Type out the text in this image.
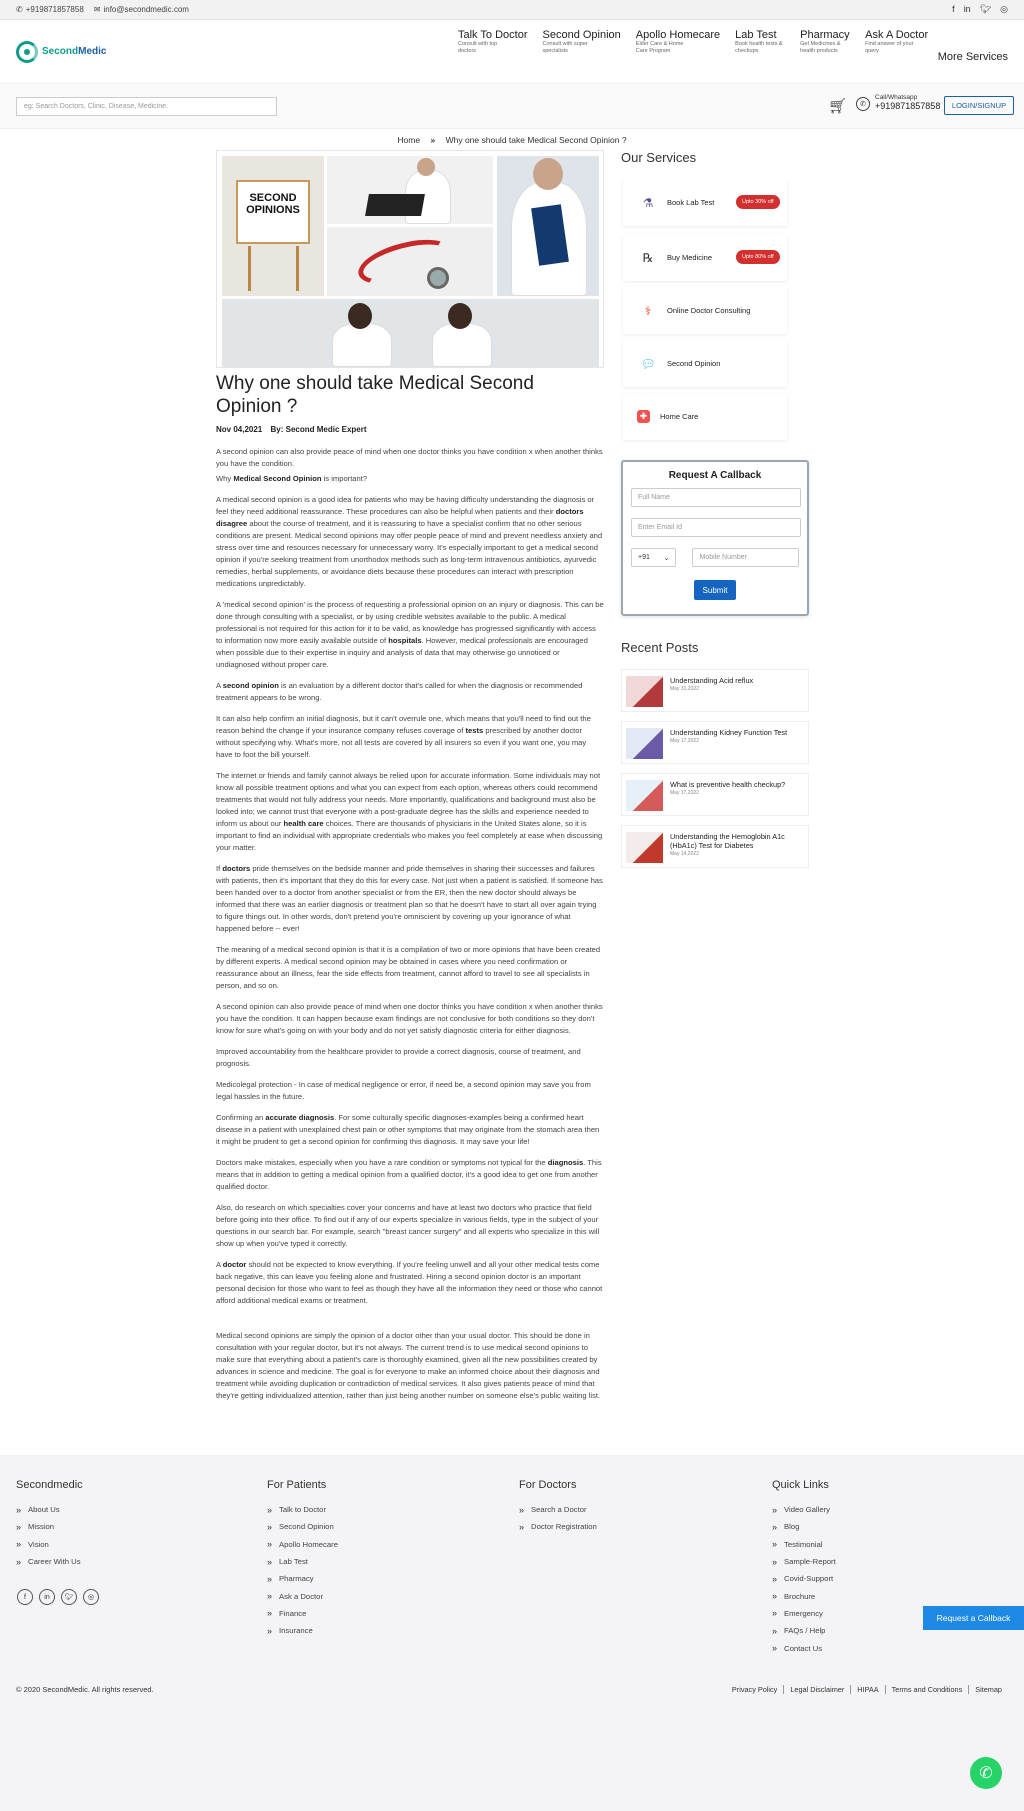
✆ +919871857858 ✉ info@secondmedic.com	f in 🐦︎ ◎
SecondMedic
Talk To Doctor
Consult with top doctors
Second Opinion
Consult with super specialists
Apollo Homecare
Elder Care & Home Care Program
Lab Test
Book health tests & checkups
Pharmacy
Get Medicines & health products
Ask A Doctor
Find answer of your query	More Services
eg: Search Doctors, Clinic, Disease, Medicine.	🛒︎	✆
Call/Whatsapp
+919871857858	LOGIN/SIGNUP
Home » Why one should take Medical Second Opinion ?
SECOND OPINIONS
Why one should take Medical Second Opinion ?
Nov 04,2021 By: Second Medic Expert

A second opinion can also provide peace of mind when one doctor thinks you have condition x when another thinks you have the condition.

Why Medical Second Opinion is important?

A medical second opinion is a good idea for patients who may be having difficulty understanding the diagnosis or feel they need additional reassurance. These procedures can also be helpful when patients and their doctors disagree about the course of treatment, and it is reassuring to have a specialist confirm that no other serious conditions are present. Medical second opinions may offer people peace of mind and prevent needless anxiety and stress over time and resources necessary for unnecessary worry. It's especially important to get a medical second opinion if you're seeking treatment from unorthodox methods such as long-term intravenous antibiotics, ayurvedic remedies, herbal supplements, or avoidance diets because these procedures can interact with prescription medications unpredictably.

A 'medical second opinion' is the process of requesting a professional opinion on an injury or diagnosis. This can be done through consulting with a specialist, or by using credible websites available to the public. A medical professional is not required for this action for it to be valid, as knowledge has progressed significantly with access to information now more easily available outside of hospitals. However, medical professionals are encouraged when possible due to their expertise in inquiry and analysis of data that may otherwise go unnoticed or undiagnosed without proper care.

A second opinion is an evaluation by a different doctor that's called for when the diagnosis or recommended treatment appears to be wrong.

It can also help confirm an initial diagnosis, but it can't overrule one, which means that you'll need to find out the reason behind the change if your insurance company refuses coverage of tests prescribed by another doctor without specifying why. What's more, not all tests are covered by all insurers so even if you want one, you may have to foot the bill yourself.

The internet or friends and family cannot always be relied upon for accurate information. Some individuals may not know all possible treatment options and what you can expect from each option, whereas others could recommend treatments that would not fully address your needs. More importantly, qualifications and background must also be looked into; we cannot trust that everyone with a post-graduate degree has the skills and experience needed to inform us about our health care choices. There are thousands of physicians in the United States alone, so it is important to find an individual with appropriate credentials who makes you feel completely at ease when discussing your matter.

If doctors pride themselves on the bedside manner and pride themselves in sharing their successes and failures with patients, then it's important that they do this for every case. Not just when a patient is satisfied. If someone has been handed over to a doctor from another specialist or from the ER, then the new doctor should always be informed that there was an earlier diagnosis or treatment plan so that he doesn't have to start all over again trying to figure things out. In other words, don't pretend you're omniscient by covering up your ignorance of what happened before -- ever!

The meaning of a medical second opinion is that it is a compilation of two or more opinions that have been created by different experts. A medical second opinion may be obtained in cases where you need confirmation or reassurance about an illness, fear the side effects from treatment, cannot afford to travel to see all specialists in person, and so on.

A second opinion can also provide peace of mind when one doctor thinks you have condition x when another thinks you have the condition. It can happen because exam findings are not conclusive for both conditions so they don't know for sure what's going on with your body and do not yet satisfy diagnostic criteria for either diagnosis.

Improved accountability from the healthcare provider to provide a correct diagnosis, course of treatment, and prognosis.

Medicolegal protection - In case of medical negligence or error, if need be, a second opinion may save you from legal hassles in the future.

Confirming an accurate diagnosis. For some culturally specific diagnoses-examples being a confirmed heart disease in a patient with unexplained chest pain or other symptoms that may originate from the stomach area then it might be prudent to get a second opinion for confirming this diagnosis. It may save your life!

Doctors make mistakes, especially when you have a rare condition or symptoms not typical for the diagnosis. This means that in addition to getting a medical opinion from a qualified doctor, it's a good idea to get one from another qualified doctor.

Also, do research on which specialties cover your concerns and have at least two doctors who practice that field before going into their office. To find out if any of our experts specialize in various fields, type in the subject of your questions in our search bar. For example, search "breast cancer surgery" and all experts who specialize in this will show up when you've typed it correctly.

A doctor should not be expected to know everything. If you're feeling unwell and all your other medical tests come back negative, this can leave you feeling alone and frustrated. Hiring a second opinion doctor is an important personal decision for those who want to feel as though they have all the information they need or those who cannot afford additional medical exams or treatment.

Medical second opinions are simply the opinion of a doctor other than your usual doctor. This should be done in consultation with your regular doctor, but it's not always. The current trend is to use medical second opinions to make sure that everything about a patient's care is thoroughly examined, given all the new possibilities created by advances in science and medicine. The goal is for everyone to make an informed choice about their diagnosis and treatment while avoiding duplication or contradiction of medical services. It also gives patients peace of mind that they're getting individualized attention, rather than just being another number on someone else's public waiting list.

Our Services
⚗	Book Lab Test	Upto 30% off
℞	Buy Medicine	Upto 80% off
⚕	Online Doctor Consulting
💬︎	Second Opinion
✚	Home Care
Request A Callback
Full Name
Enter Email Id
+91 ⌄	Mobile Number
Submit
Recent Posts
Understanding Acid reflux
May 31,2022
Understanding Kidney Function Test
May 17,2022
What is preventive health checkup?
May 17,2022
Understanding the Hemoglobin A1c (HbA1c) Test for Diabetes
May 14,2022
Secondmedic
» About Us
» Mission
» Vision
» Career With Us
For Patients
» Talk to Doctor
» Second Opinion
» Apollo Homecare
» Lab Test
» Pharmacy
» Ask a Doctor
» Finance
» Insurance
For Doctors
» Search a Doctor
» Doctor Registration
Quick Links
» Video Gallery
» Blog
» Testimonial
» Sample-Report
» Covid-Support
» Brochure
» Emergency
» FAQs / Help
» Contact Us
f	in	🐦︎	◎
© 2020 SecondMedic. All rights reserved.	Privacy Policy	Legal Disclaimer	HIPAA	Terms and Conditions	Sitemap
Request a Callback
✆
